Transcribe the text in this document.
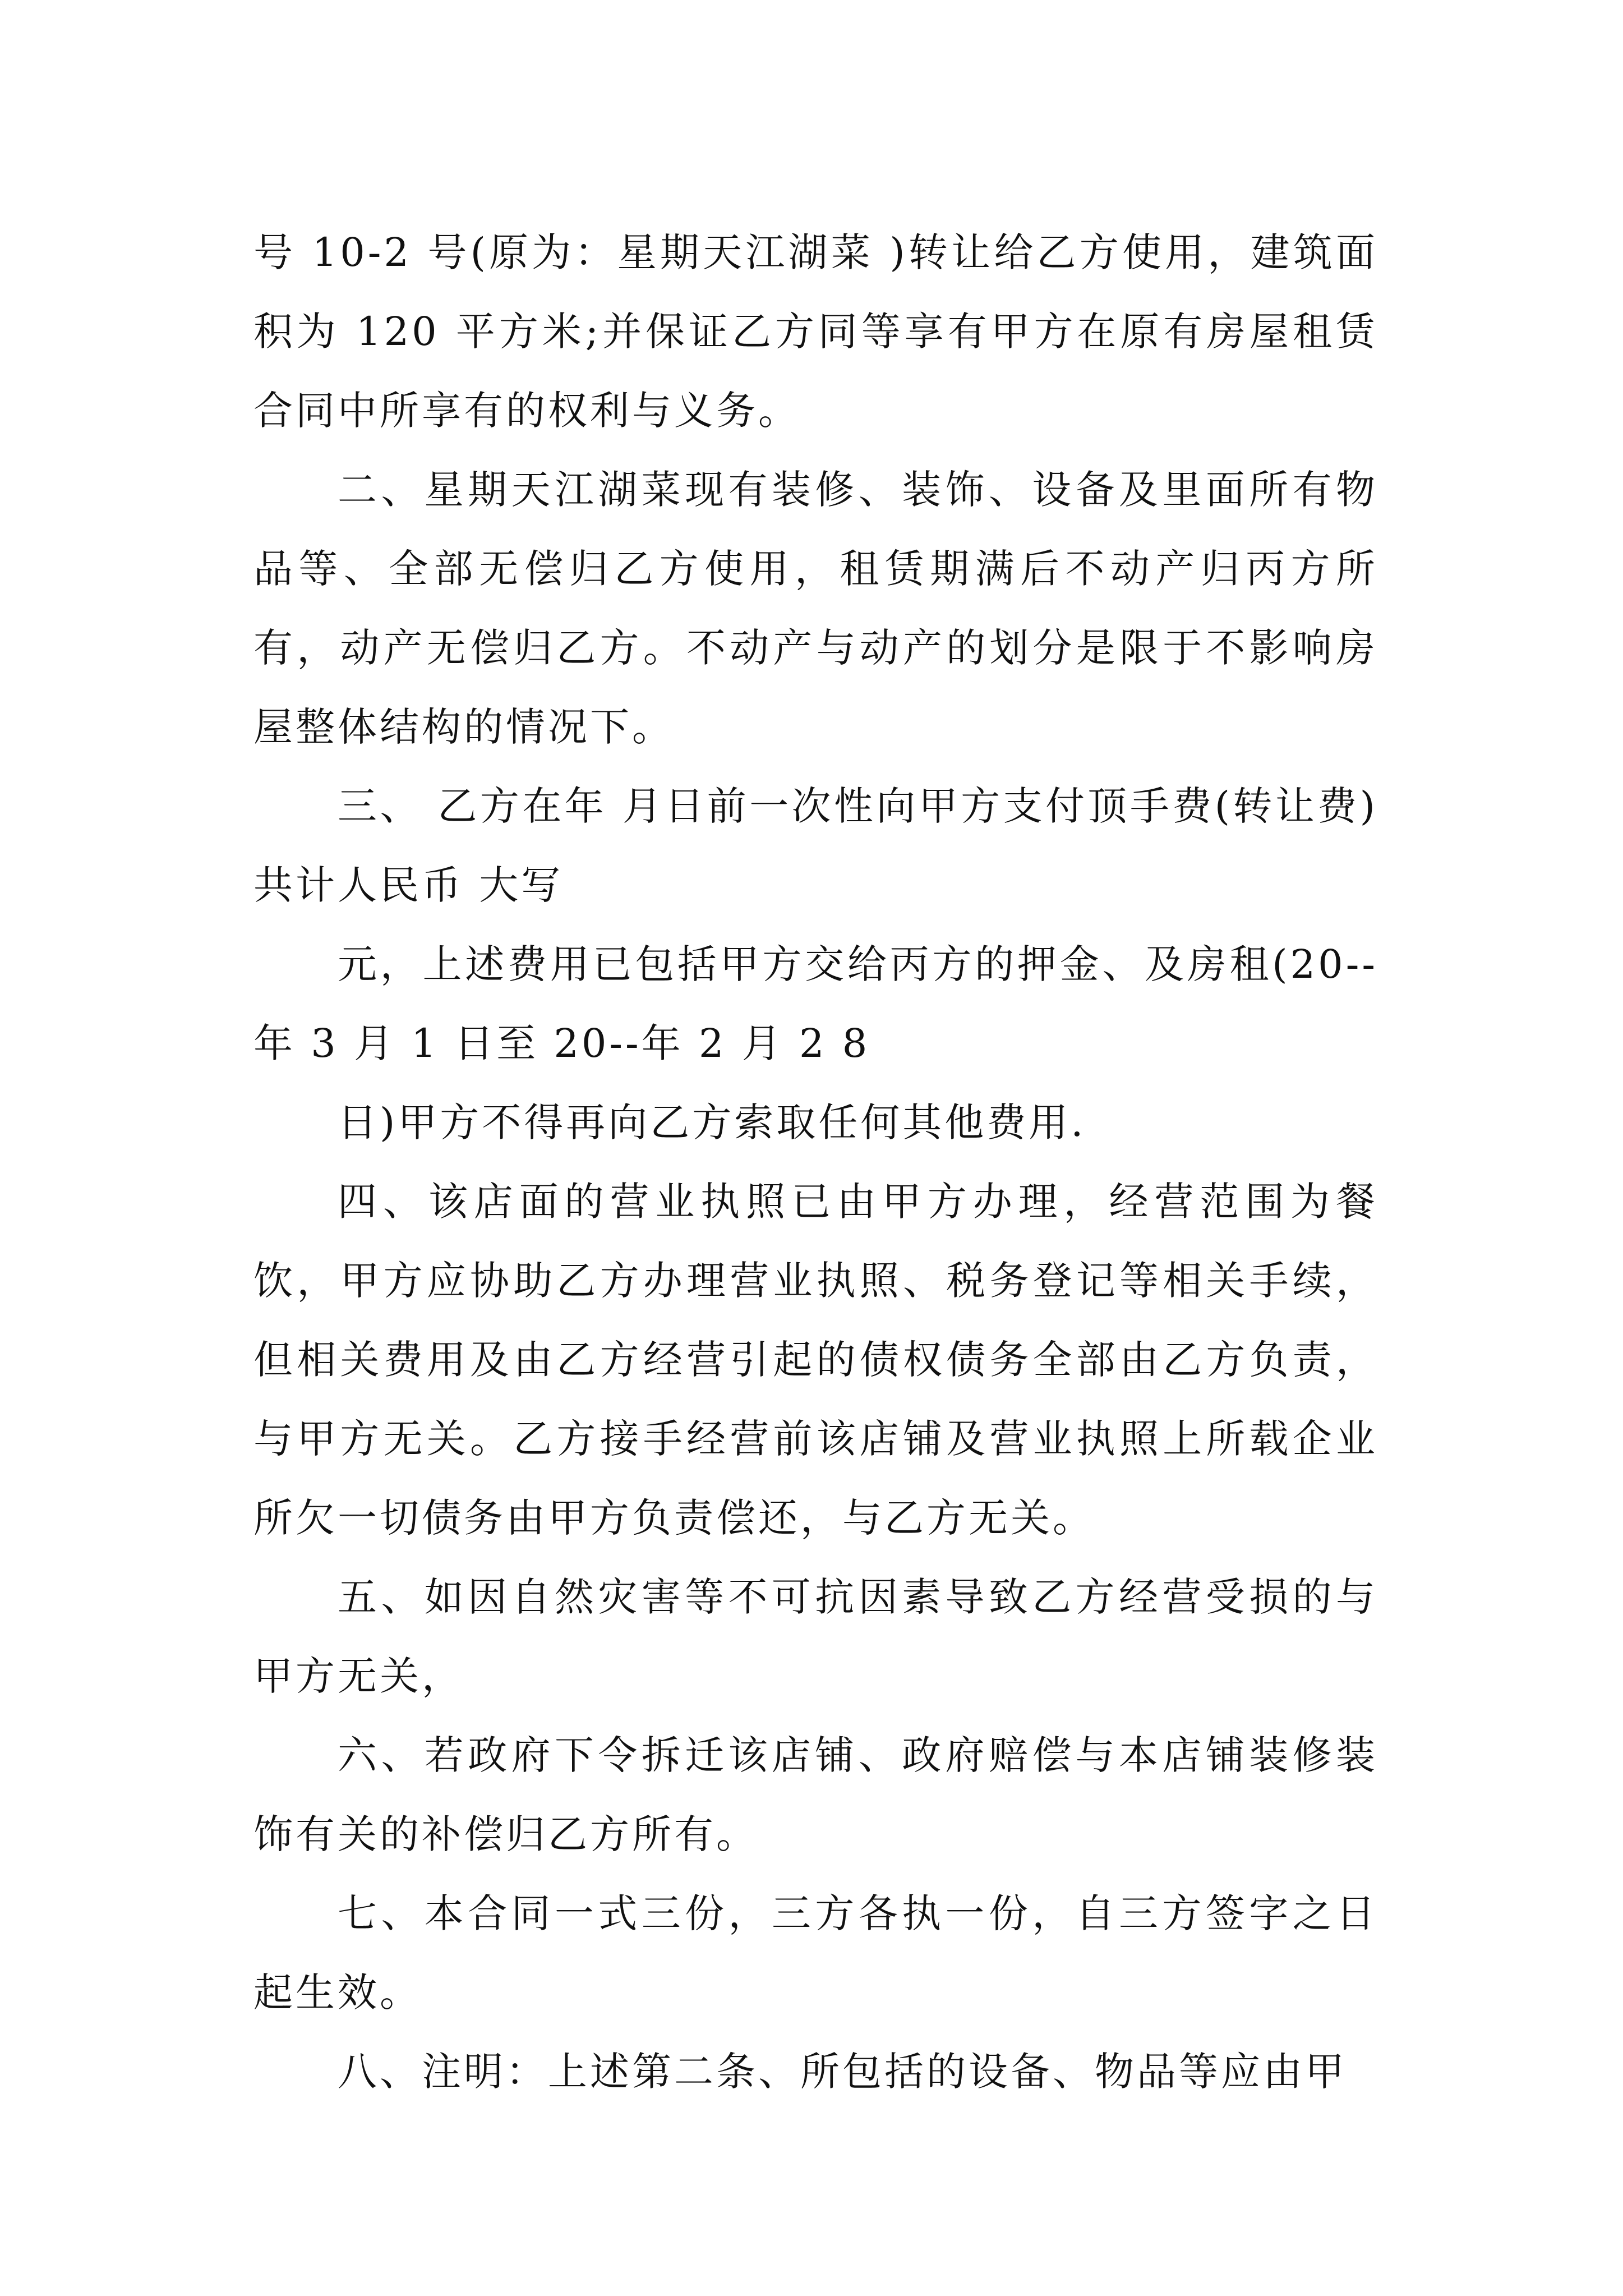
号 10-2 号(原为：星期天江湖菜 )转让给乙方使用，建筑面积为 120 平方米;并保证乙方同等享有甲方在原有房屋租赁合同中所享有的权利与义务。

二、星期天江湖菜现有装修、装饰、设备及里面所有物品等、全部无偿归乙方使用，租赁期满后不动产归丙方所有，动产无偿归乙方。不动产与动产的划分是限于不影响房屋整体结构的情况下。

三、 乙方在年 月日前一次性向甲方支付顶手费(转让费)共计人民币 大写

元，上述费用已包括甲方交给丙方的押金、及房租(20--年 3 月 1 日至 20--年 2 月 2 8

日)甲方不得再向乙方索取任何其他费用.

四、该店面的营业执照已由甲方办理，经营范围为餐饮，甲方应协助乙方办理营业执照、税务登记等相关手续，但相关费用及由乙方经营引起的债权债务全部由乙方负责，与甲方无关。乙方接手经营前该店铺及营业执照上所载企业所欠一切债务由甲方负责偿还，与乙方无关。

五、如因自然灾害等不可抗因素导致乙方经营受损的与甲方无关，

六、若政府下令拆迁该店铺、政府赔偿与本店铺装修装饰有关的补偿归乙方所有。

七、本合同一式三份，三方各执一份，自三方签字之日起生效。

八、注明：上述第二条、所包括的设备、物品等应由甲
